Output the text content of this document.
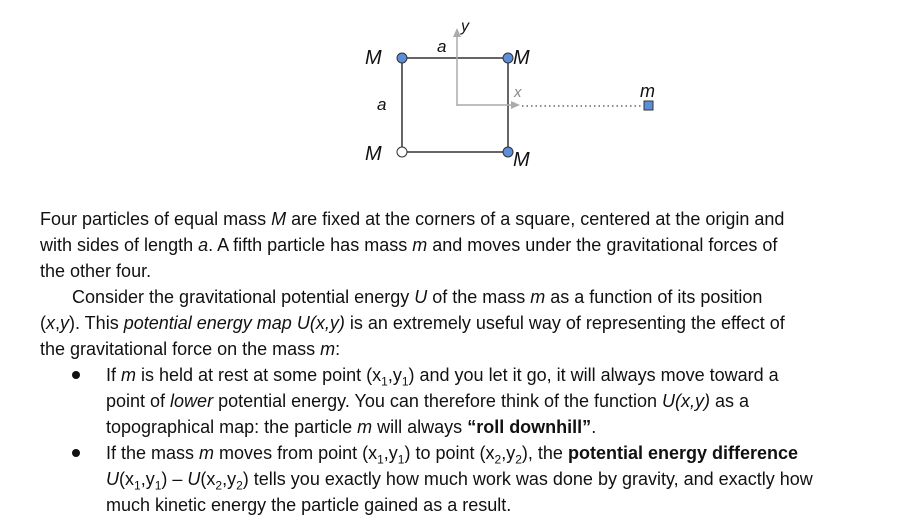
y
x
a
a
M	M
M	M
m

Four particles of equal mass M are fixed at the corners of a square, centered at the origin and
with sides of length a. A fifth particle has mass m and moves under the gravitational forces of
the other four.

Consider the gravitational potential energy U of the mass m as a function of its position
(x,y). This potential energy map U(x,y) is an extremely useful way of representing the effect of
the gravitational force on the mass m:

If m is held at rest at some point $(x_1,y_1)$ and you let it go, it will always move toward a
point of lower potential energy. You can therefore think of the function U(x,y) as a
topographical map: the particle m will always “roll downhill”.
If the mass m moves from point $(x_1,y_1)$ to point $(x_2,y_2)$, the potential energy difference
$U(x_1,y_1) - U(x_2,y_2)$ tells you exactly how much work was done by gravity, and exactly how
much kinetic energy the particle gained as a result.
